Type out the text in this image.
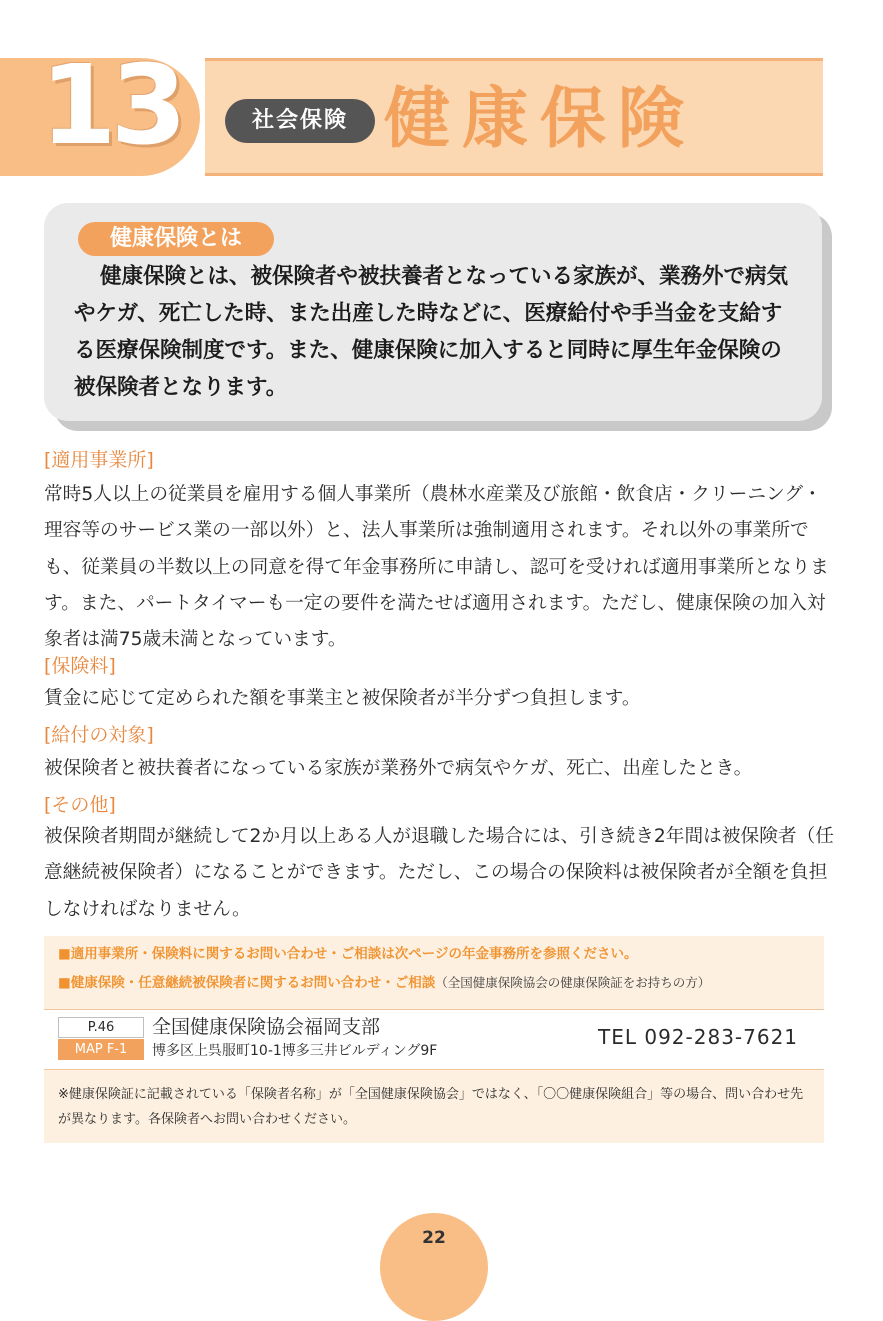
13	社会保険 健康保険
健康保険とは
健康保険とは、被保険者や被扶養者となっている家族が、業務外で病気やケガ、死亡した時、また出産した時などに、医療給付や手当金を支給する医療保険制度です。また、健康保険に加入すると同時に厚生年金保険の被保険者となります。
[適用事業所]
常時5人以上の従業員を雇用する個人事業所（農林水産業及び旅館・飲食店・クリーニング・理容等のサービス業の一部以外）と、法人事業所は強制適用されます。それ以外の事業所でも、従業員の半数以上の同意を得て年金事務所に申請し、認可を受ければ適用事業所となります。また、パートタイマーも一定の要件を満たせば適用されます。ただし、健康保険の加入対象者は満75歳未満となっています。
[保険料]
賃金に応じて定められた額を事業主と被保険者が半分ずつ負担します。
[給付の対象]
被保険者と被扶養者になっている家族が業務外で病気やケガ、死亡、出産したとき。
[その他]
被保険者期間が継続して2か月以上ある人が退職した場合には、引き続き2年間は被保険者（任意継続被保険者）になることができます。ただし、この場合の保険料は被保険者が全額を負担しなければなりません。
■適用事業所・保険料に関するお問い合わせ・ご相談は次ページの年金事務所を参照ください。
■健康保険・任意継続被保険者に関するお問い合わせ・ご相談（全国健康保険協会の健康保険証をお持ちの方）
P.46
MAP F-1
全国健康保険協会福岡支部
博多区上呉服町10-1博多三井ビルディング9F
TEL 092-283-7621
※健康保険証に記載されている「保険者名称」が「全国健康保険協会」ではなく、「〇〇健康保険組合」等の場合、問い合わせ先が異なります。各保険者へお問い合わせください。
22
